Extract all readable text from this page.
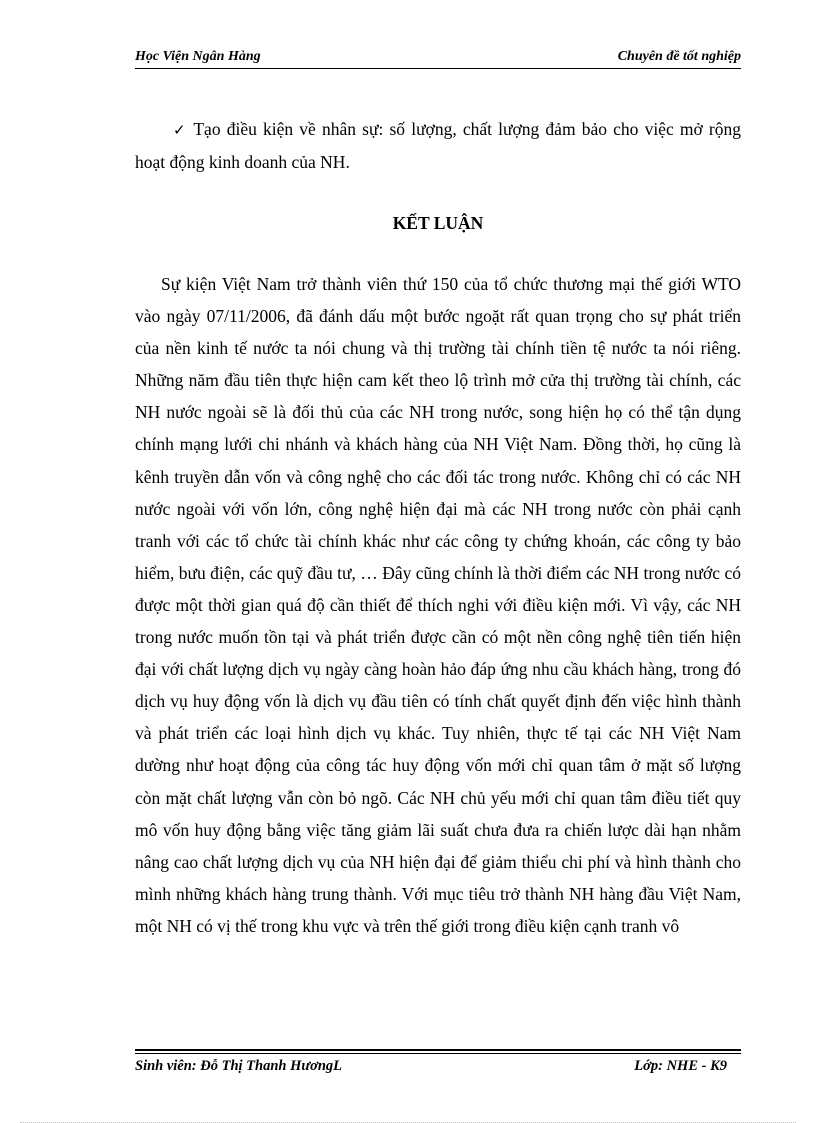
Học Viện Ngân Hàng	Chuyên đề tốt nghiệp
✓ Tạo điều kiện về nhân sự: số lượng, chất lượng đảm bảo cho việc mở rộng hoạt động kinh doanh của NH.
KẾT LUẬN
Sự kiện Việt Nam trở thành viên thứ 150 của tổ chức thương mại thế giới WTO vào ngày 07/11/2006, đã đánh dấu một bước ngoặt rất quan trọng cho sự phát triển của nền kinh tế nước ta nói chung và thị trường tài chính tiền tệ nước ta nói riêng. Những năm đầu tiên thực hiện cam kết theo lộ trình mở cửa thị trường tài chính, các NH nước ngoài sẽ là đối thủ của các NH trong nước, song hiện họ có thể tận dụng chính mạng lưới chi nhánh và khách hàng của NH Việt Nam. Đồng thời, họ cũng là kênh truyền dẫn vốn và công nghệ cho các đối tác trong nước. Không chỉ có các NH nước ngoài với vốn lớn, công nghệ hiện đại mà các NH trong nước còn phải cạnh tranh với các tổ chức tài chính khác như các công ty chứng khoán, các công ty bảo hiểm, bưu điện, các quỹ đầu tư, … Đây cũng chính là thời điểm các NH trong nước có được một thời gian quá độ cần thiết để thích nghi với điều kiện mới. Vì vậy, các NH trong nước muốn tồn tại và phát triển được cần có một nền công nghệ tiên tiến hiện đại với chất lượng dịch vụ ngày càng hoàn hảo đáp ứng nhu cầu khách hàng, trong đó dịch vụ huy động vốn là dịch vụ đầu tiên có tính chất quyết định đến việc hình thành và phát triển các loại hình dịch vụ khác. Tuy nhiên, thực tế tại các NH Việt Nam dường như hoạt động của công tác huy động vốn mới chỉ quan tâm ở mặt số lượng còn mặt chất lượng vẫn còn bỏ ngõ. Các NH chủ yếu mới chỉ quan tâm điều tiết quy mô vốn huy động bằng việc tăng giảm lãi suất chưa đưa ra chiến lược dài hạn nhằm nâng cao chất lượng dịch vụ của NH hiện đại để giảm thiểu chi phí và hình thành cho mình những khách hàng trung thành. Với mục tiêu trở thành NH hàng đầu Việt Nam, một NH có vị thế trong khu vực và trên thế giới trong điều kiện cạnh tranh vô
Sinh viên: Đỗ Thị Thanh HươngL	Lớp: NHE - K9
